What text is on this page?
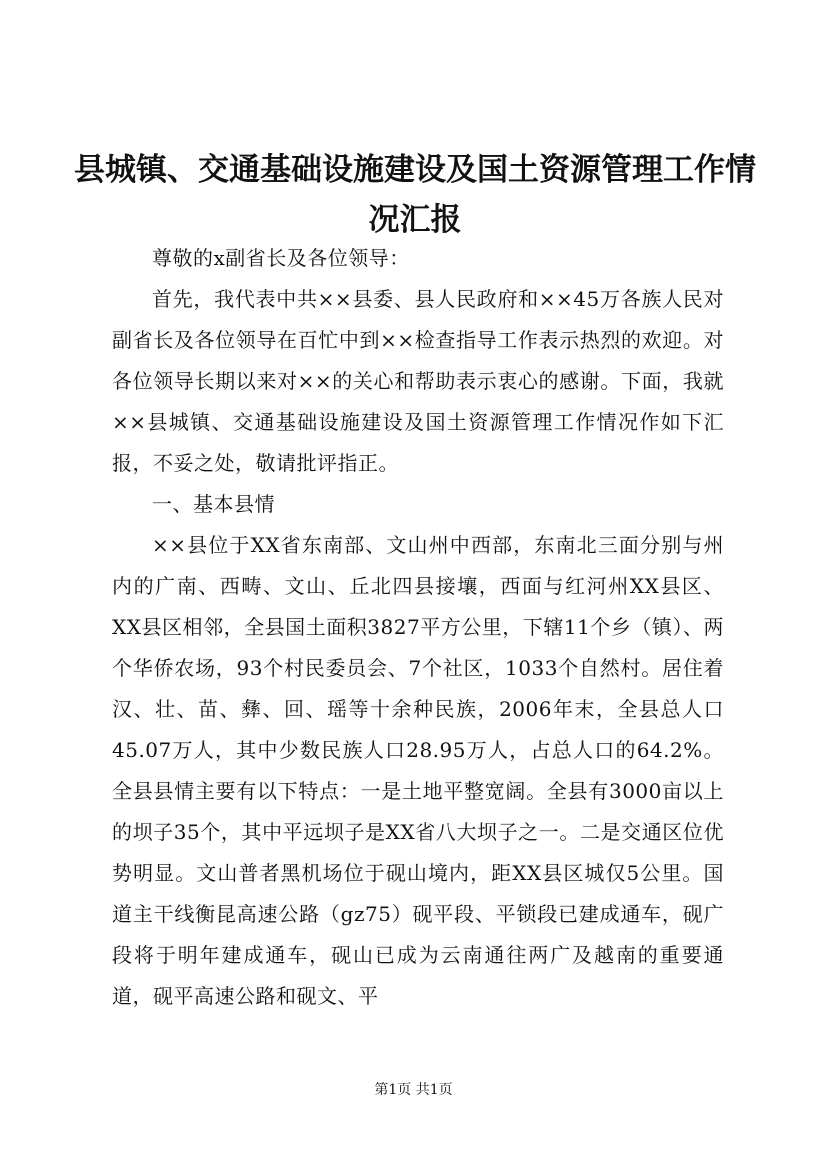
县城镇、交通基础设施建设及国土资源管理工作情况汇报

尊敬的x副省长及各位领导：

首先，我代表中共××县委、县人民政府和××45万各族人民对副省长及各位领导在百忙中到××检查指导工作表示热烈的欢迎。对各位领导长期以来对××的关心和帮助表示衷心的感谢。下面，我就××县城镇、交通基础设施建设及国土资源管理工作情况作如下汇报，不妥之处，敬请批评指正。

一、基本县情

××县位于XX省东南部、文山州中西部，东南北三面分别与州内的广南、西畴、文山、丘北四县接壤，西面与红河州XX县区、XX县区相邻，全县国土面积3827平方公里，下辖11个乡（镇）、两个华侨农场，93个村民委员会、7个社区，1033个自然村。居住着汉、壮、苗、彝、回、瑶等十余种民族，2006年末，全县总人口45.07万人，其中少数民族人口28.95万人，占总人口的64.2%。全县县情主要有以下特点：一是土地平整宽阔。全县有3000亩以上的坝子35个，其中平远坝子是XX省八大坝子之一。二是交通区位优势明显。文山普者黑机场位于砚山境内，距XX县区城仅5公里。国道主干线衡昆高速公路（gz75）砚平段、平锁段已建成通车，砚广段将于明年建成通车，砚山已成为云南通往两广及越南的重要通道，砚平高速公路和砚文、平

第1页 共1页
